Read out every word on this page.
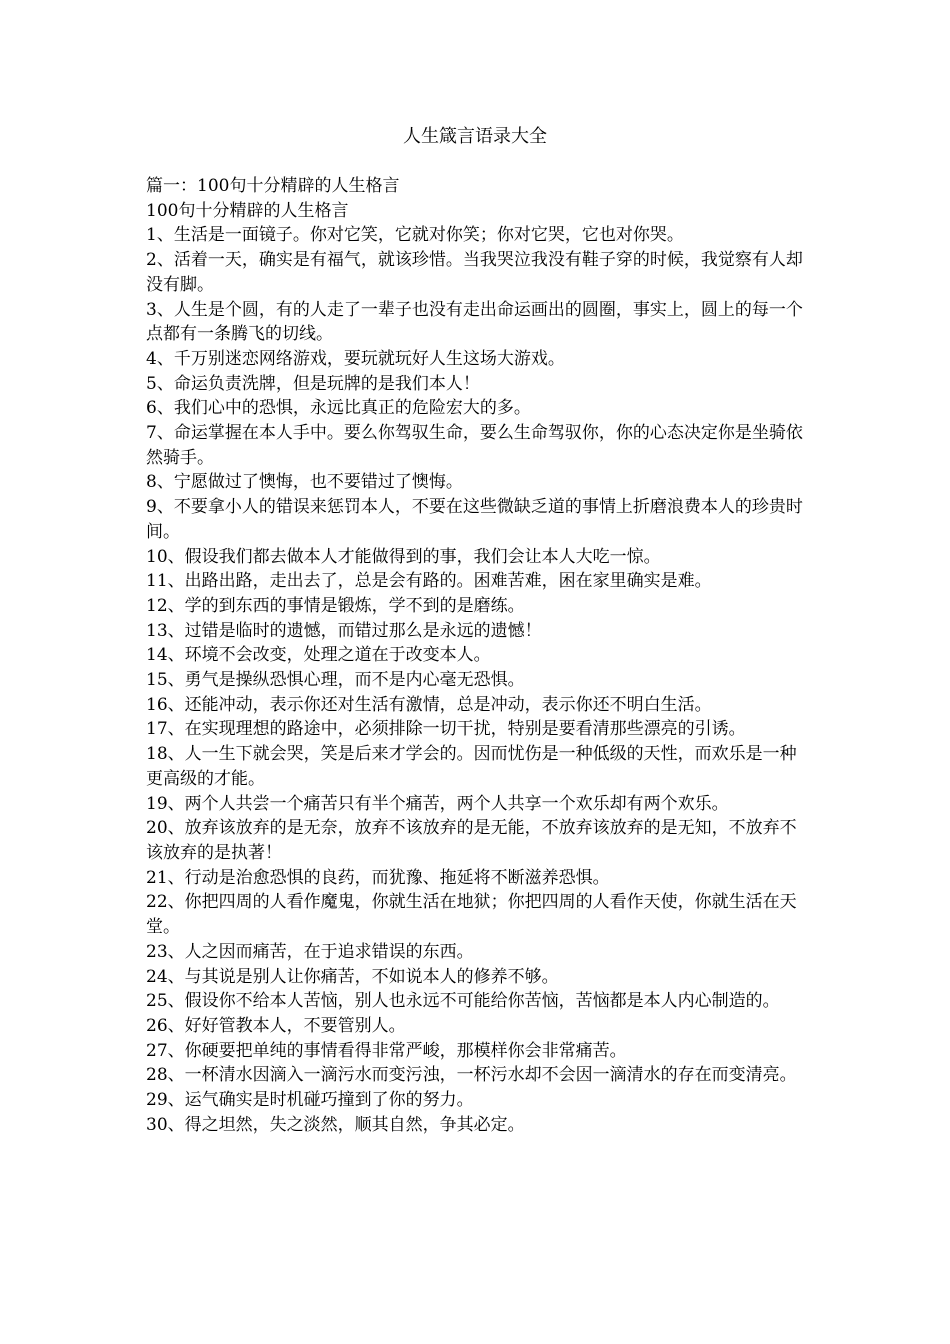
人生箴言语录大全

篇一：100句十分精辟的人生格言

100句十分精辟的人生格言

1、生活是一面镜子。你对它笑，它就对你笑；你对它哭，它也对你哭。

2、活着一天，确实是有福气，就该珍惜。当我哭泣我没有鞋子穿的时候，我觉察有人却没有脚。

3、人生是个圆，有的人走了一辈子也没有走出命运画出的圆圈，事实上，圆上的每一个点都有一条腾飞的切线。

4、千万别迷恋网络游戏，要玩就玩好人生这场大游戏。

5、命运负责洗牌，但是玩牌的是我们本人！

6、我们心中的恐惧，永远比真正的危险宏大的多。

7、命运掌握在本人手中。要么你驾驭生命，要么生命驾驭你，你的心态决定你是坐骑依然骑手。

8、宁愿做过了懊悔，也不要错过了懊悔。

9、不要拿小人的错误来惩罚本人，不要在这些微缺乏道的事情上折磨浪费本人的珍贵时间。

10、假设我们都去做本人才能做得到的事，我们会让本人大吃一惊。

11、出路出路，走出去了，总是会有路的。困难苦难，困在家里确实是难。

12、学的到东西的事情是锻炼，学不到的是磨练。

13、过错是临时的遗憾，而错过那么是永远的遗憾！

14、环境不会改变，处理之道在于改变本人。

15、勇气是操纵恐惧心理，而不是内心毫无恐惧。

16、还能冲动，表示你还对生活有激情，总是冲动，表示你还不明白生活。

17、在实现理想的路途中，必须排除一切干扰，特别是要看清那些漂亮的引诱。

18、人一生下就会哭，笑是后来才学会的。因而忧伤是一种低级的天性，而欢乐是一种更高级的才能。

19、两个人共尝一个痛苦只有半个痛苦，两个人共享一个欢乐却有两个欢乐。

20、放弃该放弃的是无奈，放弃不该放弃的是无能，不放弃该放弃的是无知，不放弃不该放弃的是执著！

21、行动是治愈恐惧的良药，而犹豫、拖延将不断滋养恐惧。

22、你把四周的人看作魔鬼，你就生活在地狱；你把四周的人看作天使，你就生活在天堂。

23、人之因而痛苦，在于追求错误的东西。

24、与其说是别人让你痛苦，不如说本人的修养不够。

25、假设你不给本人苦恼，别人也永远不可能给你苦恼，苦恼都是本人内心制造的。

26、好好管教本人，不要管别人。

27、你硬要把单纯的事情看得非常严峻，那模样你会非常痛苦。

28、一杯清水因滴入一滴污水而变污浊，一杯污水却不会因一滴清水的存在而变清亮。

29、运气确实是时机碰巧撞到了你的努力。

30、得之坦然，失之淡然，顺其自然，争其必定。
